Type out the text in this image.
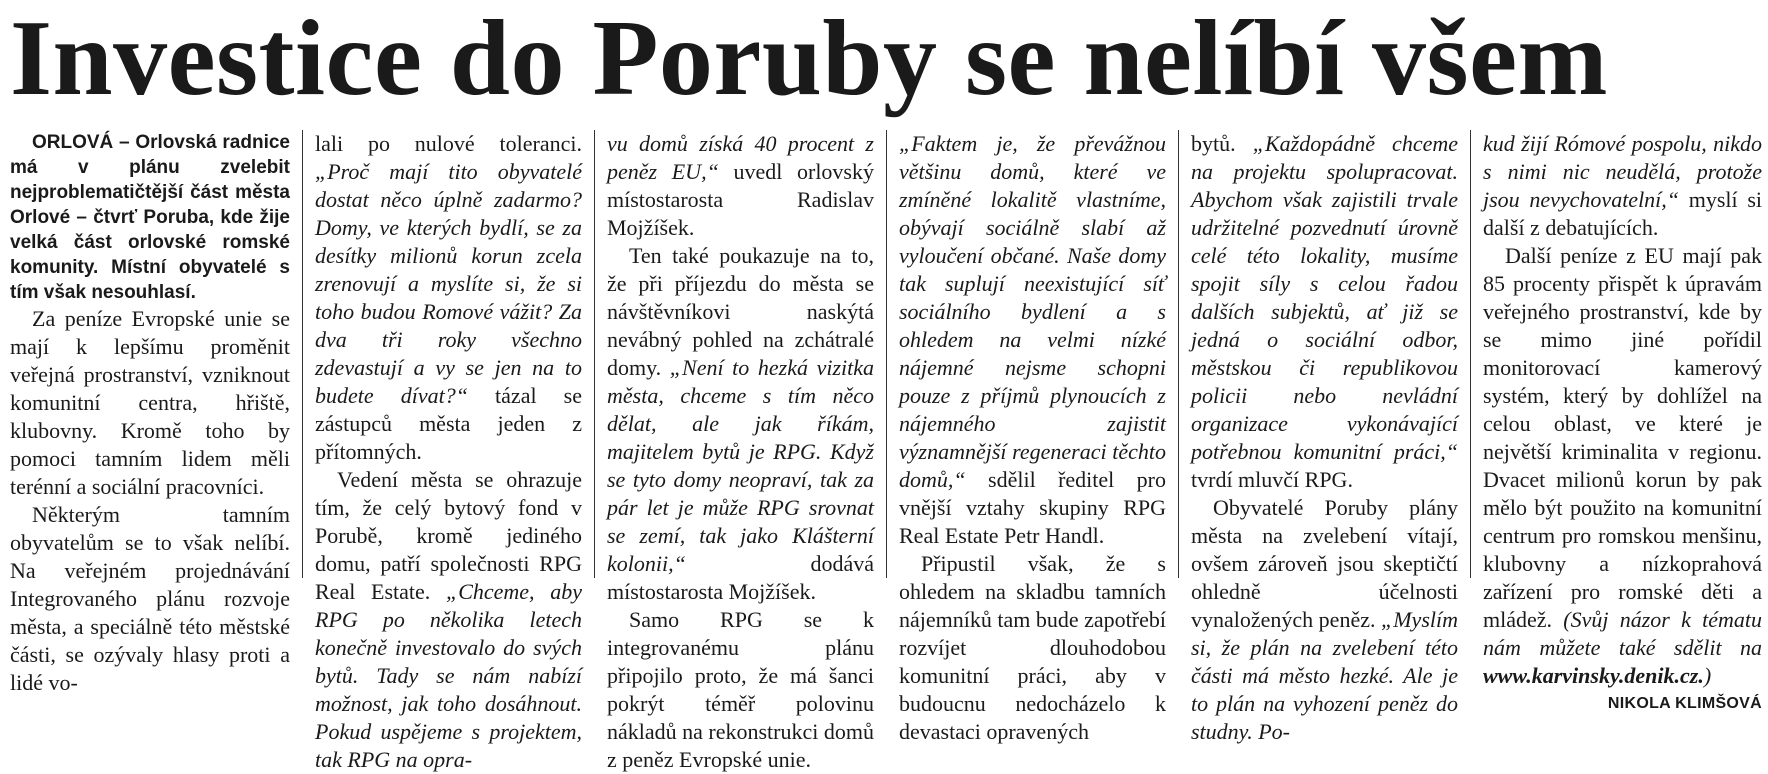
Investice do Poruby se nelíbí všem

ORLOVÁ – Orlovská radnice má v plánu zvelebit nejproblematičtější část města Orlové – čtvrť Poruba, kde žije velká část orlovské romské komunity. Místní obyvatelé s tím však nesouhlasí.

Za peníze Evropské unie se mají k lepšímu proměnit veřejná prostranství, vzniknout komunitní centra, hřiště, klubovny. Kromě toho by pomoci tamním lidem měli terénní a sociální pracovníci.

Některým tamním obyvatelům se to však nelíbí. Na veřejném projednávání Integrovaného plánu rozvoje města, a speciálně této městské části, se ozývaly hlasy proti a lidé vo-

lali po nulové toleranci. „Proč mají tito obyvatelé dostat něco úplně zadarmo? Domy, ve kterých bydlí, se za desítky milionů korun zcela zrenovují a myslíte si, že si toho budou Romové vážit? Za dva tři roky všechno zdevastují a vy se jen na to budete dívat?“ tázal se zástupců města jeden z přítomných.

Vedení města se ohrazuje tím, že celý bytový fond v Porubě, kromě jediného domu, patří společnosti RPG Real Estate. „Chceme, aby RPG po několika letech konečně investovalo do svých bytů. Tady se nám nabízí možnost, jak toho dosáhnout. Pokud uspějeme s projektem, tak RPG na opra-

vu domů získá 40 procent z peněz EU,“ uvedl orlovský místostarosta Radislav Mojžíšek.

Ten také poukazuje na to, že při příjezdu do města se návštěvníkovi naskýtá nevábný pohled na zchátralé domy. „Není to hezká vizitka města, chceme s tím něco dělat, ale jak říkám, majitelem bytů je RPG. Když se tyto domy neopraví, tak za pár let je může RPG srovnat se zemí, tak jako Klášterní kolonii,“ dodává místostarosta Mojžíšek.

Samo RPG se k integrovanému plánu připojilo proto, že má šanci pokrýt téměř polovinu nákladů na rekonstrukci domů z peněz Evropské unie.

„Faktem je, že převážnou většinu domů, které ve zmíněné lokalitě vlastníme, obývají sociálně slabí až vyloučení občané. Naše domy tak suplují neexistující síť sociálního bydlení a s ohledem na velmi nízké nájemné nejsme schopni pouze z příjmů plynoucích z nájemného zajistit významnější regeneraci těchto domů,“ sdělil ředitel pro vnější vztahy skupiny RPG Real Estate Petr Handl.

Připustil však, že s ohledem na skladbu tamních nájemníků tam bude zapotřebí rozvíjet dlouhodobou komunitní práci, aby v budoucnu nedocházelo k devastaci opravených

bytů. „Každopádně chceme na projektu spolupracovat. Abychom však zajistili trvale udržitelné pozvednutí úrovně celé této lokality, musíme spojit síly s celou řadou dalších subjektů, ať již se jedná o sociální odbor, městskou či republikovou policii nebo nevládní organizace vykonávající potřebnou komunitní práci,“ tvrdí mluvčí RPG.

Obyvatelé Poruby plány města na zvelebení vítají, ovšem zároveň jsou skeptičtí ohledně účelnosti vynaložených peněz. „Myslím si, že plán na zvelebení této části má město hezké. Ale je to plán na vyhození peněz do studny. Po-

kud žijí Rómové pospolu, nikdo s nimi nic neudělá, protože jsou nevychovatelní,“ myslí si další z debatujících.

Další peníze z EU mají pak 85 procenty přispět k úpravám veřejného prostranství, kde by se mimo jiné pořídil monitorovací kamerový systém, který by dohlížel na celou oblast, ve které je největší kriminalita v regionu. Dvacet milionů korun by pak mělo být použito na komunitní centrum pro romskou menšinu, klubovny a nízkoprahová zařízení pro romské děti a mládež. (Svůj názor k tématu nám můžete také sdělit na www.karvinsky.denik.cz.)
NIKOLA KLIMŠOVÁ
